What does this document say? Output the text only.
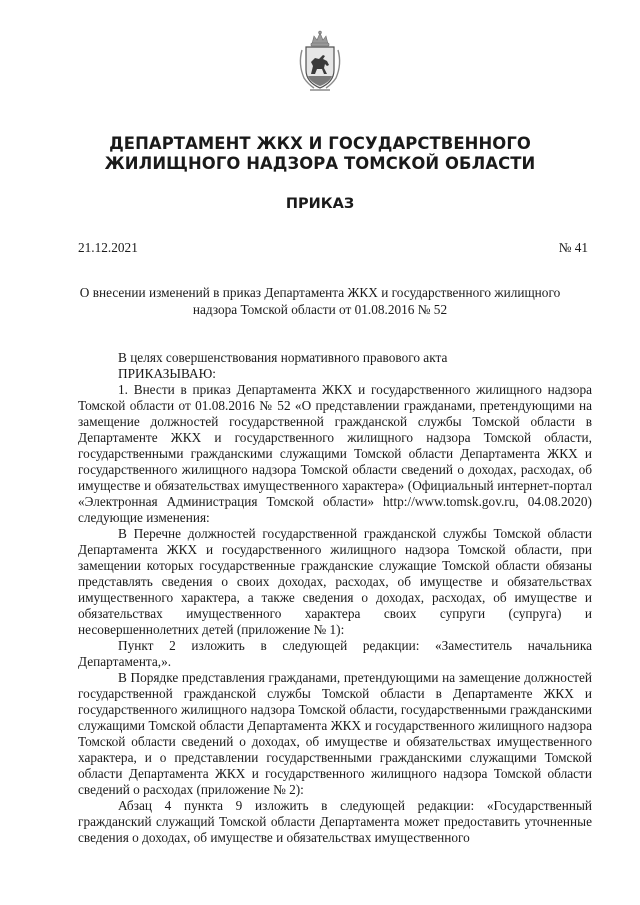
ДЕПАРТАМЕНТ ЖКХ И ГОСУДАРСТВЕННОГО ЖИЛИЩНОГО НАДЗОРА ТОМСКОЙ ОБЛАСТИ
ПРИКАЗ
21.12.2021	№ 41
О внесении изменений в приказ Департамента ЖКХ и государственного жилищного надзора Томской области от 01.08.2016 № 52

В целях совершенствования нормативного правового акта

ПРИКАЗЫВАЮ:

1. Внести в приказ Департамента ЖКХ и государственного жилищного надзора Томской области от 01.08.2016 № 52 «О представлении гражданами, претендующими на замещение должностей государственной гражданской службы Томской области в Департаменте ЖКХ и государственного жилищного надзора Томской области, государственными гражданскими служащими Томской области Департамента ЖКХ и государственного жилищного надзора Томской области сведений о доходах, расходах, об имуществе и обязательствах имущественного характера» (Официальный интернет-портал «Электронная Администрация Томской области» http://www.tomsk.gov.ru, 04.08.2020) следующие изменения:

В Перечне должностей государственной гражданской службы Томской области Департамента ЖКХ и государственного жилищного надзора Томской области, при замещении которых государственные гражданские служащие Томской области обязаны представлять сведения о своих доходах, расходах, об имуществе и обязательствах имущественного характера, а также сведения о доходах, расходах, об имуществе и обязательствах имущественного характера своих супруги (супруга) и несовершеннолетних детей (приложение № 1):

Пункт 2 изложить в следующей редакции: «Заместитель начальника Департамента,».

В Порядке представления гражданами, претендующими на замещение должностей государственной гражданской службы Томской области в Департаменте ЖКХ и государственного жилищного надзора Томской области, государственными гражданскими служащими Томской области Департамента ЖКХ и государственного жилищного надзора Томской области сведений о доходах, об имуществе и обязательствах имущественного характера, и о представлении государственными гражданскими служащими Томской области Департамента ЖКХ и государственного жилищного надзора Томской области сведений о расходах (приложение № 2):

Абзац 4 пункта 9 изложить в следующей редакции: «Государственный гражданский служащий Томской области Департамента может предоставить уточненные сведения о доходах, об имуществе и обязательствах имущественного
